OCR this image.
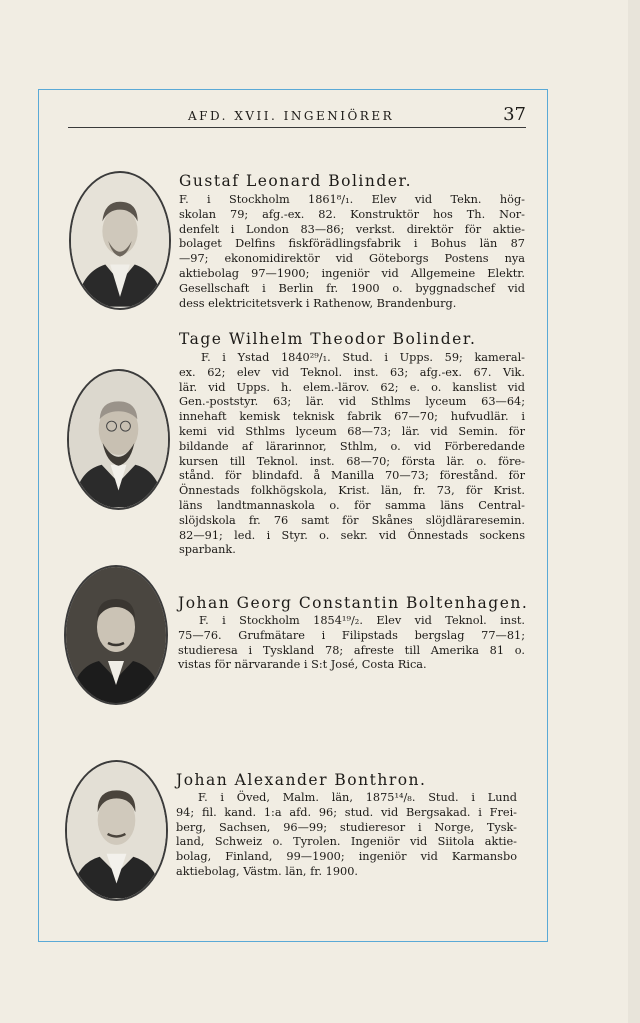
AFD. XVII. INGENIÖRER	37
Gustaf Leonard Bolinder.
F. i Stockholm 1861⁸/₁. Elev vid Tekn. hög-
skolan 79; afg.-ex. 82. Konstruktör hos Th. Nor-
denfelt i London 83—86; verkst. direktör för aktie-
bolaget Delfins fiskförädlingsfabrik i Bohus län 87
—97; ekonomidirektör vid Göteborgs Postens nya
aktiebolag 97—1900; ingeniör vid Allgemeine Elektr.
Gesellschaft i Berlin fr. 1900 o. byggnadschef vid
dess elektricitetsverk i Rathenow, Brandenburg.
Tage Wilhelm Theodor Bolinder.
F. i Ystad 1840²⁹/₁. Stud. i Upps. 59; kameral-
ex. 62; elev vid Teknol. inst. 63; afg.-ex. 67. Vik.
lär. vid Upps. h. elem.-lärov. 62; e. o. kanslist vid
Gen.-poststyr. 63; lär. vid Sthlms lyceum 63—64;
innehaft kemisk teknisk fabrik 67—70; hufvudlär. i
kemi vid Sthlms lyceum 68—73; lär. vid Semin. för
bildande af lärarinnor, Sthlm, o. vid Förberedande
kursen till Teknol. inst. 68—70; första lär. o. före-
stånd. för blindafd. å Manilla 70—73; förestånd. för
Önnestads folkhögskola, Krist. län, fr. 73, för Krist.
läns landtmannaskola o. för samma läns Central-
slöjdskola fr. 76 samt för Skånes slöjdläraresemin.
82—91; led. i Styr. o. sekr. vid Önnestads sockens
sparbank.
Johan Georg Constantin Boltenhagen.
F. i Stockholm 1854¹⁹/₂. Elev vid Teknol. inst.
75—76. Grufmätare i Filipstads bergslag 77—81;
studieresa i Tyskland 78; afreste till Amerika 81 o.
vistas för närvarande i S:t José, Costa Rica.
Johan Alexander Bonthron.
F. i Öved, Malm. län, 1875¹⁴/₈. Stud. i Lund
94; fil. kand. 1:a afd. 96; stud. vid Bergsakad. i Frei-
berg, Sachsen, 96—99; studieresor i Norge, Tysk-
land, Schweiz o. Tyrolen. Ingeniör vid Siitola aktie-
bolag, Finland, 99—1900; ingeniör vid Karmansbo
aktiebolag, Västm. län, fr. 1900.
